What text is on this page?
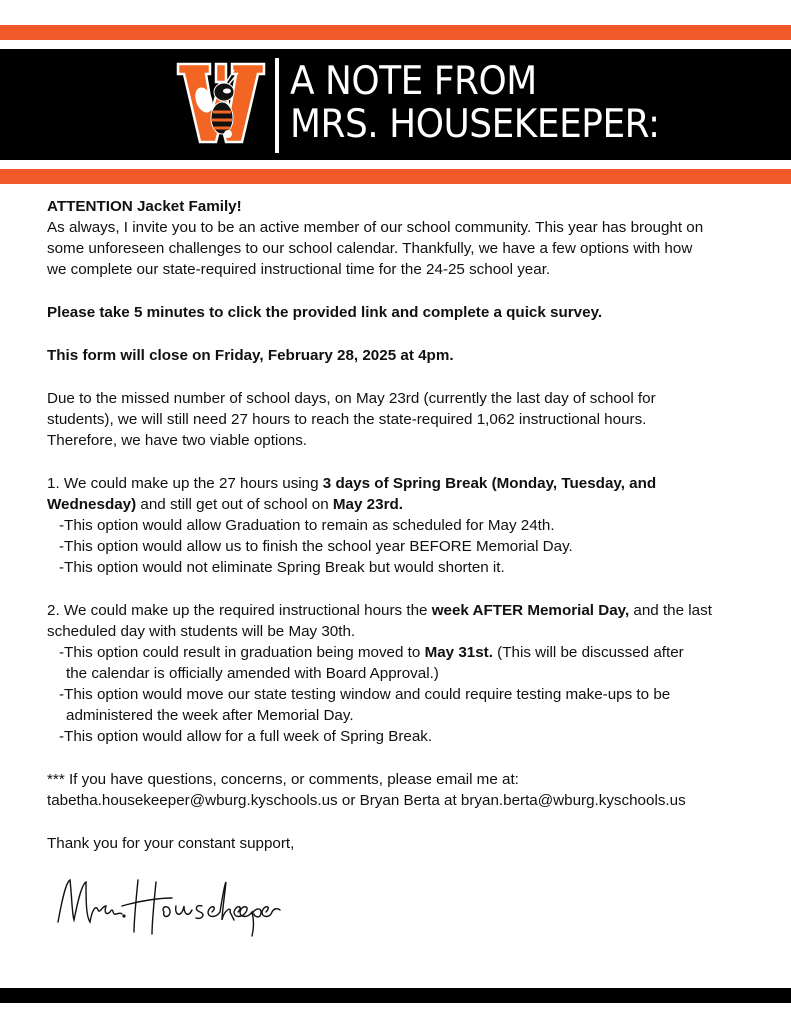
A NOTE FROM
MRS. HOUSEKEEPER:

ATTENTION Jacket Family!

As always, I invite you to be an active member of our school community. This year has brought on

some unforeseen challenges to our school calendar. Thankfully, we have a few options with how

we complete our state-required instructional time for the 24-25 school year.

Please take 5 minutes to click the provided link and complete a quick survey.

This form will close on Friday, February 28, 2025 at 4pm.

Due to the missed number of school days, on May 23rd (currently the last day of school for

students), we will still need 27 hours to reach the state-required 1,062 instructional hours.

Therefore, we have two viable options.

1. We could make up the 27 hours using 3 days of Spring Break (Monday, Tuesday, and

Wednesday) and still get out of school on May 23rd.

-This option would allow Graduation to remain as scheduled for May 24th.

-This option would allow us to finish the school year BEFORE Memorial Day.

-This option would not eliminate Spring Break but would shorten it.

2. We could make up the required instructional hours the week AFTER Memorial Day, and the last

scheduled day with students will be May 30th.

-This option could result in graduation being moved to May 31st. (This will be discussed after

the calendar is officially amended with Board Approval.)

-This option would move our state testing window and could require testing make-ups to be

administered the week after Memorial Day.

-This option would allow for a full week of Spring Break.

*** If you have questions, concerns, or comments, please email me at:

tabetha.housekeeper@wburg.kyschools.us or Bryan Berta at bryan.berta@wburg.kyschools.us

Thank you for your constant support,
